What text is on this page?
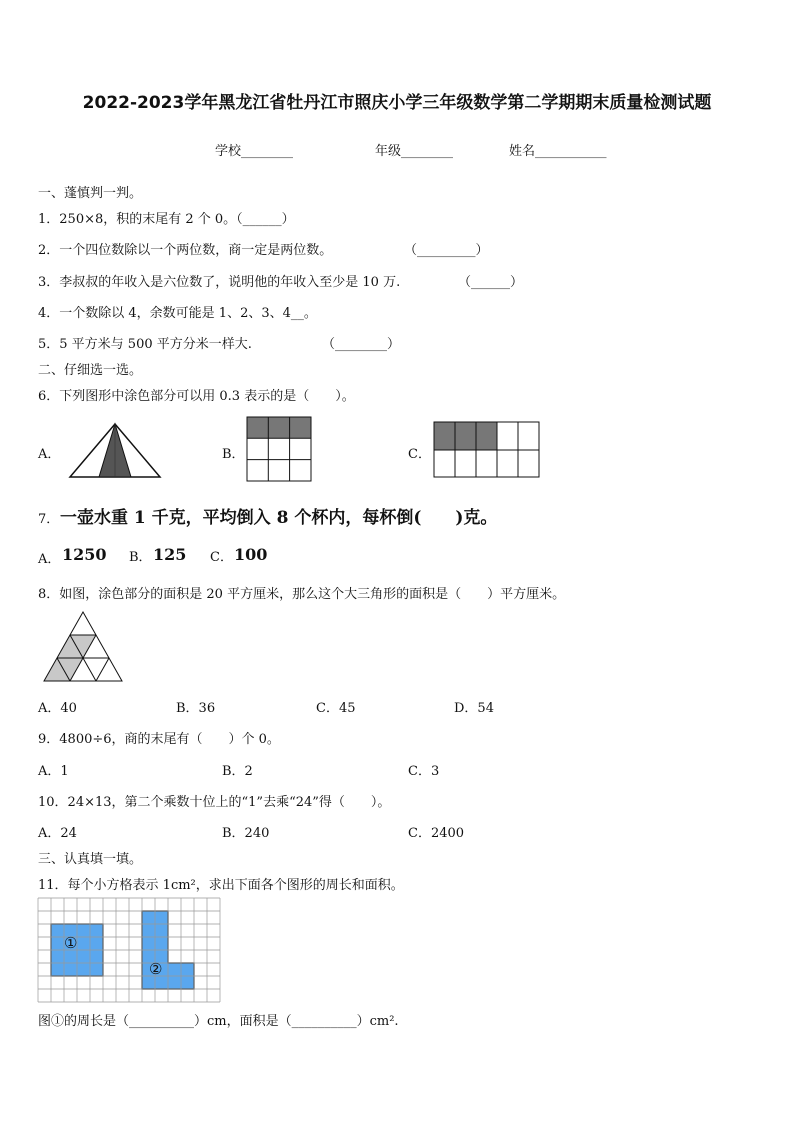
2022-2023学年黑龙江省牡丹江市照庆小学三年级数学第二学期期末质量检测试题
学校________	年级________	姓名___________
一、蓬慎判一判。
1．250×8，积的末尾有 2 个 0。（______）
2．一个四位数除以一个两位数，商一定是两位数。	（_________）
3．李叔叔的年收入是六位数了，说明他的年收入至少是 10 万.	（______）
4．一个数除以 4，余数可能是 1、2、3、4__。
5．5 平方米与 500 平方分米一样大.	（________）
二、仔细选一选。
6．下列图形中涂色部分可以用 0.3 表示的是（　　）。
A．	B．	C．
7． 一壶水重 1 千克，平均倒入 8 个杯内，每杯倒(　　)克。
A． 1250 B． 125 C． 100
8．如图，涂色部分的面积是 20 平方厘米，那么这个大三角形的面积是（　　）平方厘米。
A．40	B．36	C．45	D．54
9．4800÷6，商的末尾有（　　）个 0。
A．1	B．2	C．3
10．24×13，第二个乘数十位上的“1”去乘“24”得（　　）。
A．24	B．240	C．2400
三、认真填一填。
11．每个小方格表示 1cm²，求出下面各个图形的周长和面积。
①
②
图①的周长是（__________）cm，面积是（__________）cm².
